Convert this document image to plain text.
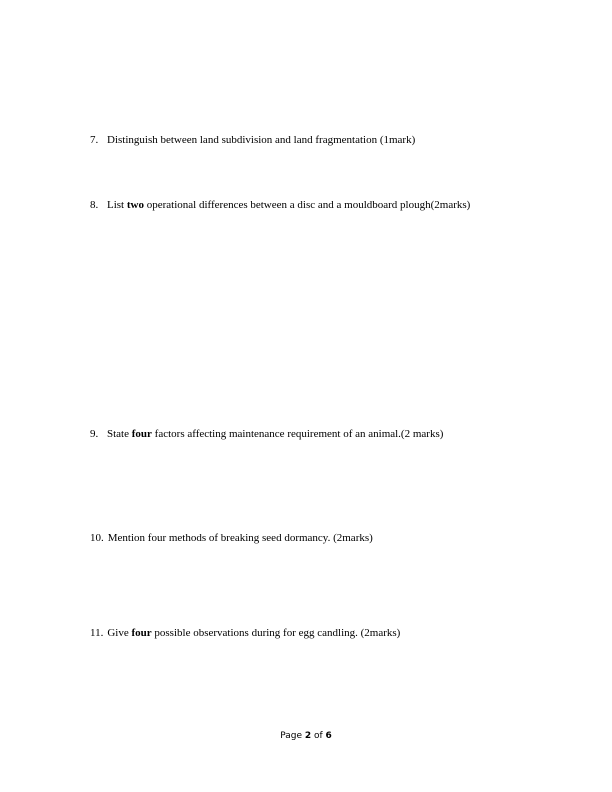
7. Distinguish between land subdivision and land fragmentation (1mark)
8. List two operational differences between a disc and a mouldboard plough(2marks)
9. State four factors affecting maintenance requirement of an animal.(2 marks)
10. Mention four methods of breaking seed dormancy. (2marks)
11. Give four possible observations during for egg candling. (2marks)
Page 2 of 6
